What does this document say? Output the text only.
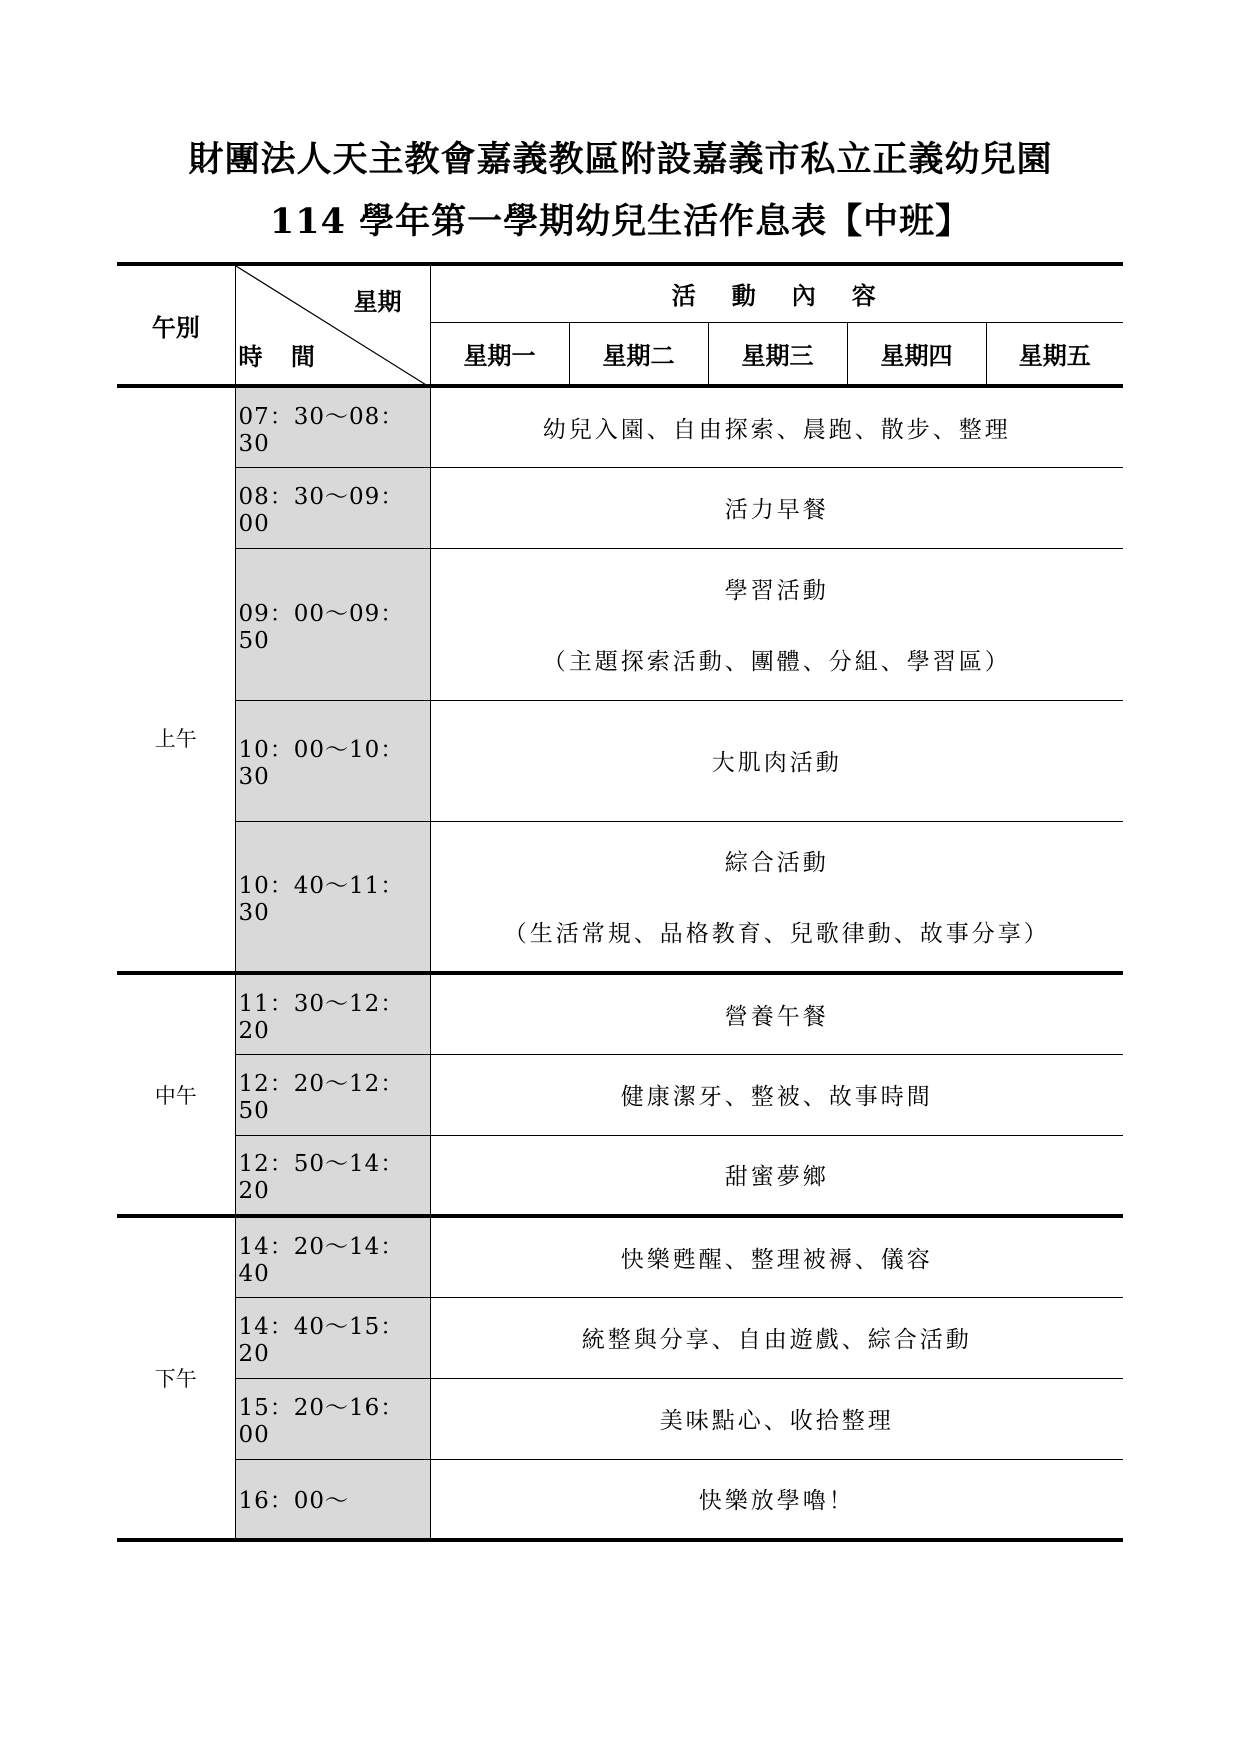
財團法人天主教會嘉義教區附設嘉義市私立正義幼兒園
114 學年第一學期幼兒生活作息表【中班】
午別	星期
時 間	活　動　內　容				
		星期一	星期二	星期三	星期四	星期五
上午	07：30〜08：30	幼兒入園、自由探索、晨跑、散步、整理				
	08：30〜09：00	活力早餐				
	09：00〜09：50	學習活動
（主題探索活動、團體、分組、學習區）				

	10：00〜10：30	大肌肉活動				
	10：40〜11：30	綜合活動
（生活常規、品格教育、兒歌律動、故事分享）				

中午	11：30〜12：20	營養午餐				
	12：20〜12：50	健康潔牙、整被、故事時間				
	12：50〜14：20	甜蜜夢鄉				
下午	14：20〜14：40	快樂甦醒、整理被褥、儀容				
	14：40〜15：20	統整與分享、自由遊戲、綜合活動				
	15：20〜16：00	美味點心、收拾整理				
	16：00〜	快樂放學嚕！				
